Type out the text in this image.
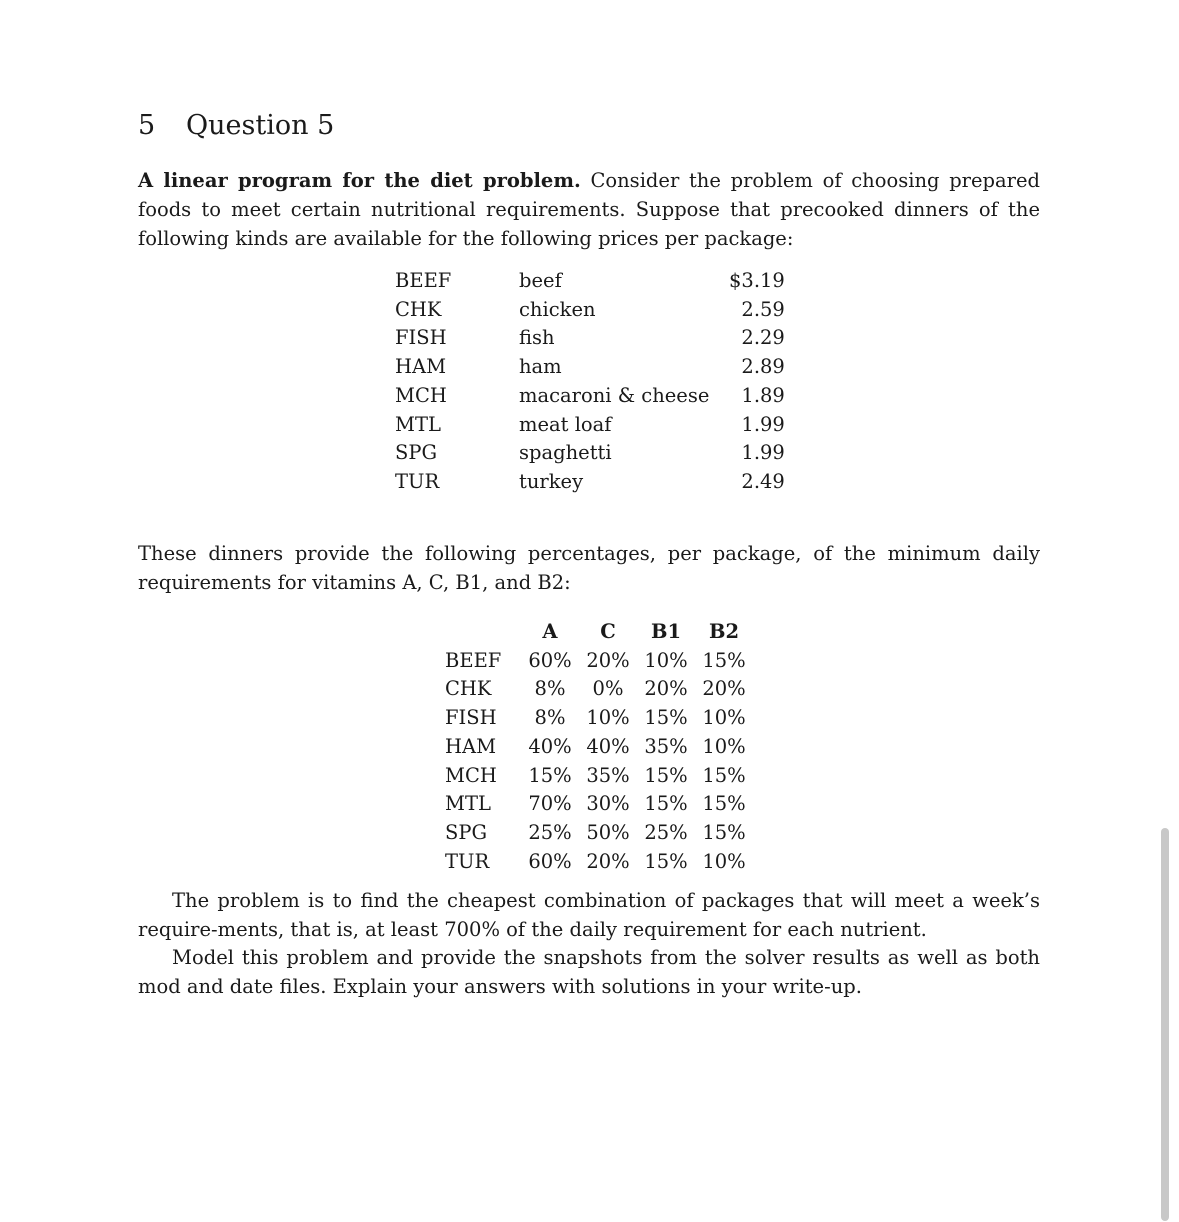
5 Question 5

A linear program for the diet problem. Consider the problem of choosing prepared foods to meet certain nutritional requirements. Suppose that precooked dinners of the following kinds are available for the following prices per package:

BEEF	beef	$3.19
CHK	chicken	2.59
FISH	fish	2.29
HAM	ham	2.89
MCH	macaroni & cheese	1.89
MTL	meat loaf	1.99
SPG	spaghetti	1.99
TUR	turkey	2.49

These dinners provide the following percentages, per package, of the minimum daily requirements for vitamins A, C, B1, and B2:

	A	C	B1	B2
BEEF	60%	20%	10%	15%
CHK	8%	0%	20%	20%
FISH	8%	10%	15%	10%
HAM	40%	40%	35%	10%
MCH	15%	35%	15%	15%
MTL	70%	30%	15%	15%
SPG	25%	50%	25%	15%
TUR	60%	20%	15%	10%

The problem is to find the cheapest combination of packages that will meet a week’s require-ments, that is, at least 700% of the daily requirement for each nutrient.

Model this problem and provide the snapshots from the solver results as well as both mod and date files. Explain your answers with solutions in your write-up.
